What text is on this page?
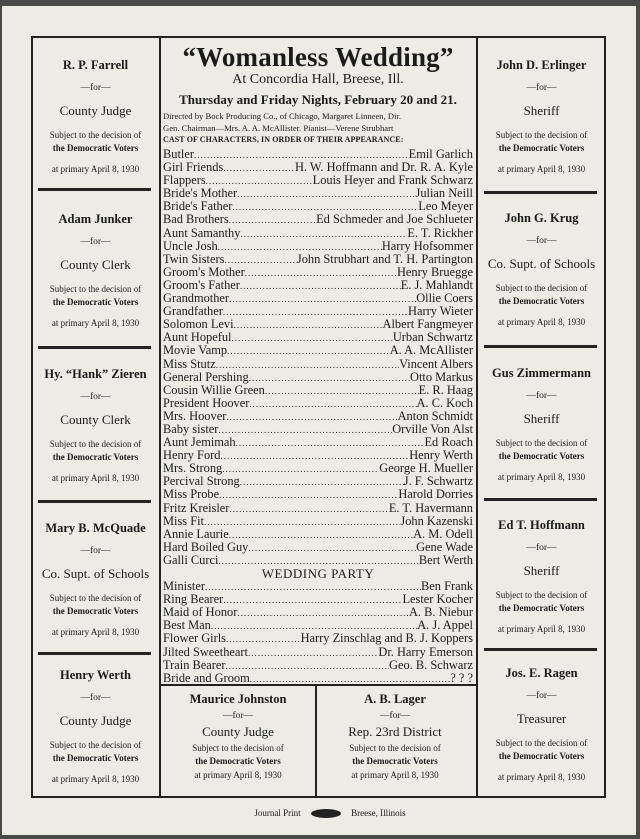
R. P. Farrell
—for—
County Judge
Subject to the decision of
the Democratic Voters
at primary April 8, 1930
Adam Junker
—for—
County Clerk
Subject to the decision of
the Democratic Voters
at primary April 8, 1930
Hy. “Hank” Zieren
—for—
County Clerk
Subject to the decision of
the Democratic Voters
at primary April 8, 1930
Mary B. McQuade
—for—
Co. Supt. of Schools
Subject to the decision of
the Democratic Voters
at primary April 8, 1930
Henry Werth
—for—
County Judge
Subject to the decision of
the Democratic Voters
at primary April 8, 1930
John D. Erlinger
—for—
Sheriff
Subject to the decision of
the Democratic Voters
at primary April 8, 1930
John G. Krug
—for—
Co. Supt. of Schools
Subject to the decision of
the Democratic Voters
at primary April 8, 1930
Gus Zimmermann
—for—
Sheriff
Subject to the decision of
the Democratic Voters
at primary April 8, 1930
Ed T. Hoffmann
—for—
Sheriff
Subject to the decision of
the Democratic Voters
at primary April 8, 1930
Jos. E. Ragen
—for—
Treasurer
Subject to the decision of
the Democratic Voters
at primary April 8, 1930
“Womanless Wedding”
At Concordia Hall, Breese, Ill.
Thursday and Friday Nights, February 20 and 21.
Directed by Bock Producing Co., of Chicago, Margaret Linneen, Dir.
Gen. Chairman—Mrs. A. A. McAllister. Pianist—Verene Strubhart
CAST OF CHARACTERS, IN ORDER OF THEIR APPEARANCE:
Butler .....	Emil Garlich
Girl Friends .....	H. W. Hoffmann and Dr. R. A. Kyle
Flappers .....	Louis Heyer and Frank Schwarz
Bride's Mother .....	Julian Neill
Bride's Father .....	Leo Meyer
Bad Brothers .....	Ed Schmeder and Joe Schlueter
Aunt Samanthy .....	E. T. Rickher
Uncle Josh .....	Harry Hofsommer
Twin Sisters .....	John Strubhart and T. H. Partington
Groom's Mother .....	Henry Bruegge
Groom's Father .....	E. J. Mahlandt
Grandmother .....	Ollie Coers
Grandfather .....	Harry Wieter
Solomon Levi .....	Albert Fangmeyer
Aunt Hopeful .....	Urban Schwartz
Movie Vamp .....	A. A. McAllister
Miss Stutz .....	Vincent Albers
General Pershing .....	Otto Markus
Cousin Willie Green .....	E. R. Haag
President Hoover .....	A. C. Koch
Mrs. Hoover .....	Anton Schmidt
Baby sister .....	Orville Von Alst
Aunt Jemimah .....	Ed Roach
Henry Ford .....	Henry Werth
Mrs. Strong .....	George H. Mueller
Percival Strong .....	J. F. Schwartz
Miss Probe .....	Harold Dorries
Fritz Kreisler .....	E. T. Havermann
Miss Fit .....	John Kazenski
Annie Laurie .....	A. M. Odell
Hard Boiled Guy .....	Gene Wade
Galli Curci .....	Bert Werth
WEDDING PARTY
Minister .....	Ben Frank
Ring Bearer .....	Lester Kocher
Maid of Honor .....	A. B. Niebur
Best Man .....	A. J. Appel
Flower Girls .....	Harry Zinschlag and B. J. Koppers
Jilted Sweetheart .....	Dr. Harry Emerson
Train Bearer .....	Geo. B. Schwarz
Bride and Groom .....	? ? ?
Maurice Johnston
—for—
County Judge
Subject to the decision of
the Democratic Voters
at primary April 8, 1930
A. B. Lager
—for—
Rep. 23rd District
Subject to the decision of
the Democratic Voters
at primary April 8, 1930
Journal Print	Breese, Illinois
